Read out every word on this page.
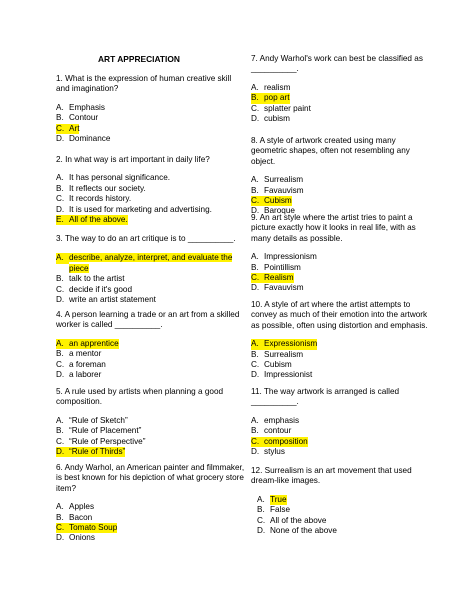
ART APPRECIATION

1. What is the expression of human creative skill and imagination?

A. Emphasis
B. Contour
C. Art
D. Dominance

2. In what way is art important in daily life?

A. It has personal significance.
B. It reflects our society.
C. It records history.
D. It is used for marketing and advertising.
E. All of the above.

3. The way to do an art critique is to __________.

A. describe, analyze, interpret, and evaluate the piece
B. talk to the artist
C. decide if it's good
D. write an artist statement

4. A person learning a trade or an art from a skilled worker is called __________.

A. an apprentice
B. a mentor
C. a foreman
D. a laborer

5. A rule used by artists when planning a good composition.

A. “Rule of Sketch”
B. “Rule of Placement”
C. “Rule of Perspective”
D. “Rule of Thirds”

6. Andy Warhol, an American painter and filmmaker, is best known for his depiction of what grocery store item?

A. Apples
B. Bacon
C. Tomato Soup
D. Onions

7. Andy Warhol's work can best be classified as __________.

A. realism
B. pop art
C. splatter paint
D. cubism

8. A style of artwork created using many geometric shapes, often not resembling any object.

A. Surrealism
B. Favauvism
C. Cubism
D. Baroque

9. An art style where the artist tries to paint a picture exactly how it looks in real life, with as many details as possible.

A. Impressionism
B. Pointillism
C. Realism
D. Favauvism

10. A style of art where the artist attempts to convey as much of their emotion into the artwork as possible, often using distortion and emphasis.

A. Expressionism
B. Surrealism
C. Cubism
D. Impressionist

11. The way artwork is arranged is called __________.

A. emphasis
B. contour
C. composition
D. stylus

12. Surrealism is an art movement that used dream-like images.

A. True
B. False
C. All of the above
D. None of the above
